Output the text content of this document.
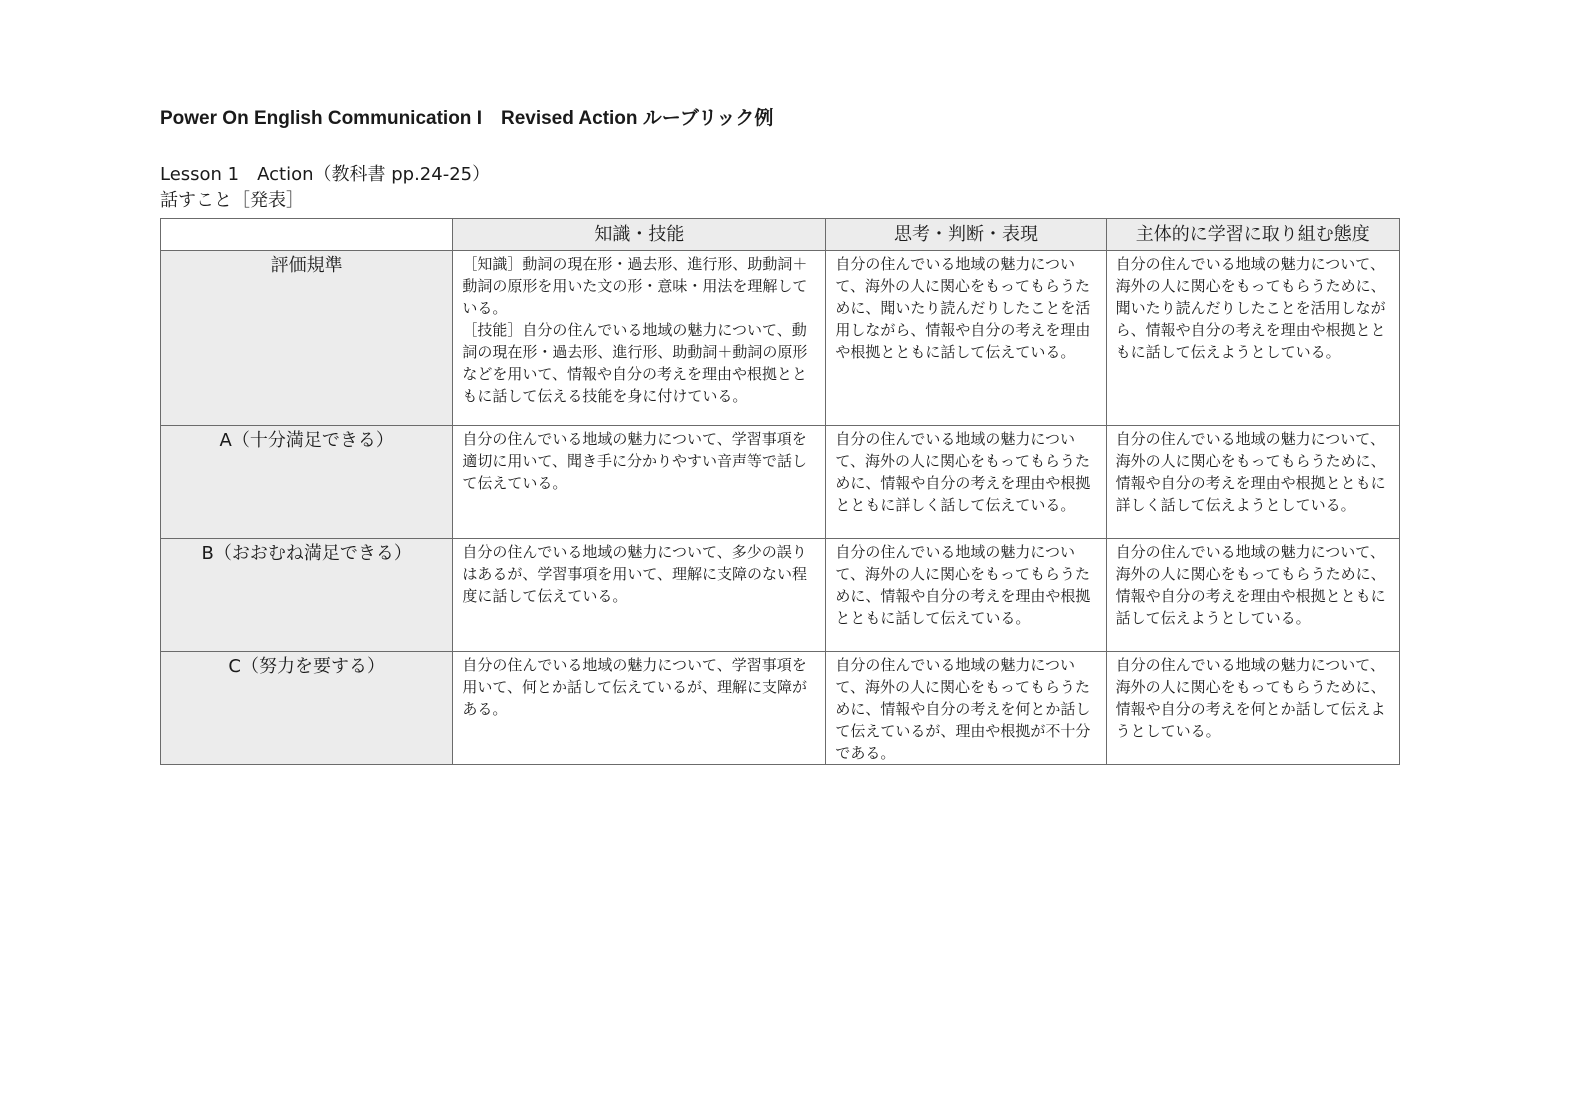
Power On English Communication I　Revised Action ルーブリック例
Lesson 1　Action（教科書 pp.24-25）
話すこと［発表］
	知識・技能	思考・判断・表現	主体的に学習に取り組む態度
評価規準	［知識］動詞の現在形・過去形、進行形、助動詞＋動詞の原形を用いた文の形・意味・用法を理解している。
［技能］自分の住んでいる地域の魅力について、動詞の現在形・過去形、進行形、助動詞＋動詞の原形などを用いて、情報や自分の考えを理由や根拠とともに話して伝える技能を身に付けている。	自分の住んでいる地域の魅力について、海外の人に関心をもってもらうために、聞いたり読んだりしたことを活用しながら、情報や自分の考えを理由や根拠とともに話して伝えている。	自分の住んでいる地域の魅力について、海外の人に関心をもってもらうために、聞いたり読んだりしたことを活用しながら、情報や自分の考えを理由や根拠とともに話して伝えようとしている。
A（十分満足できる）	自分の住んでいる地域の魅力について、学習事項を適切に用いて、聞き手に分かりやすい音声等で話して伝えている。	自分の住んでいる地域の魅力について、海外の人に関心をもってもらうために、情報や自分の考えを理由や根拠とともに詳しく話して伝えている。	自分の住んでいる地域の魅力について、海外の人に関心をもってもらうために、情報や自分の考えを理由や根拠とともに詳しく話して伝えようとしている。
B（おおむね満足できる）	自分の住んでいる地域の魅力について、多少の誤りはあるが、学習事項を用いて、理解に支障のない程度に話して伝えている。	自分の住んでいる地域の魅力について、海外の人に関心をもってもらうために、情報や自分の考えを理由や根拠とともに話して伝えている。	自分の住んでいる地域の魅力について、海外の人に関心をもってもらうために、情報や自分の考えを理由や根拠とともに話して伝えようとしている。
C（努力を要する）	自分の住んでいる地域の魅力について、学習事項を用いて、何とか話して伝えているが、理解に支障がある。	自分の住んでいる地域の魅力について、海外の人に関心をもってもらうために、情報や自分の考えを何とか話して伝えているが、理由や根拠が不十分である。	自分の住んでいる地域の魅力について、海外の人に関心をもってもらうために、情報や自分の考えを何とか話して伝えようとしている。
